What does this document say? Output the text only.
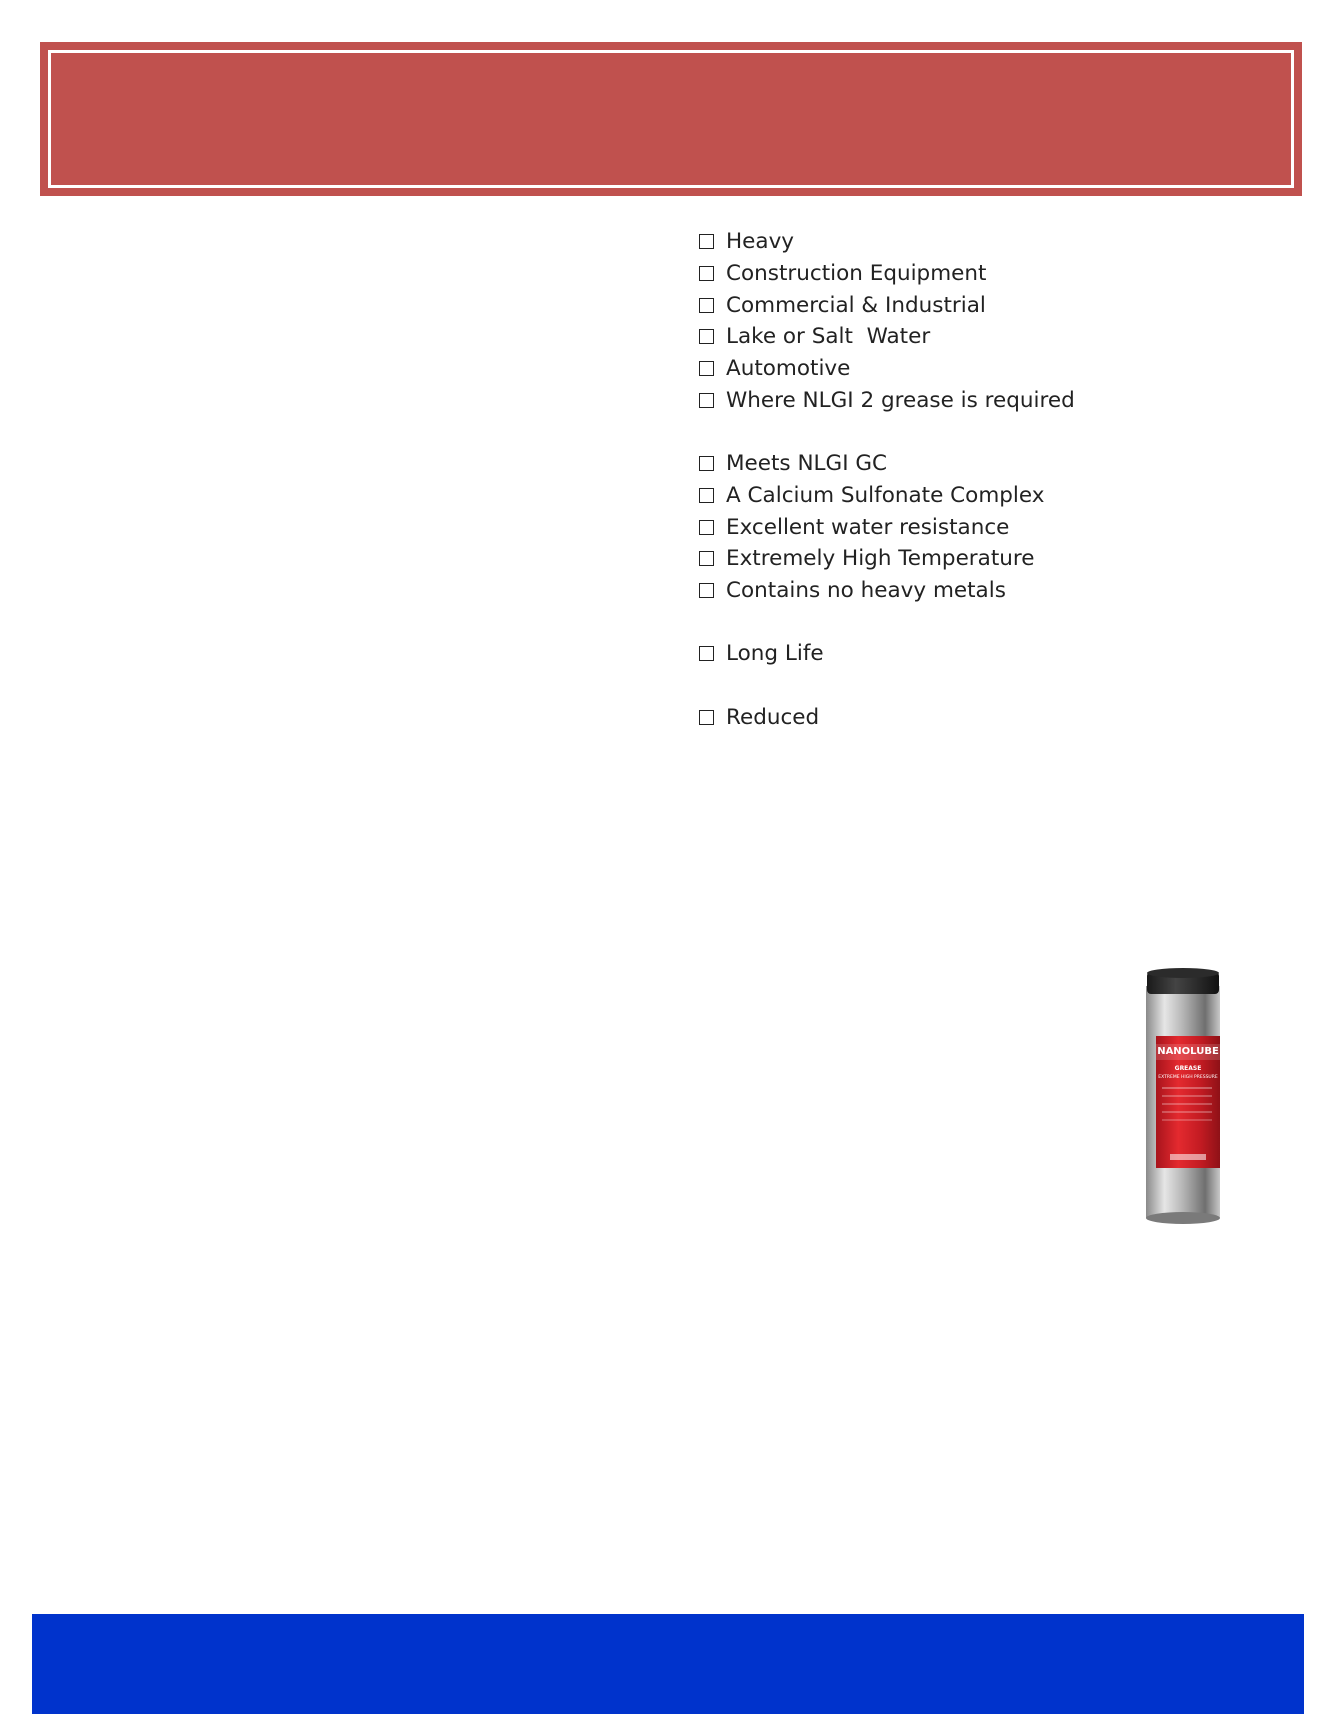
Heavy
Construction Equipment
Commercial & Industrial
Lake or Salt  Water
Automotive
Where NLGI 2 grease is required
Meets NLGI GC
A Calcium Sulfonate Complex
Excellent water resistance
Extremely High Temperature
Contains no heavy metals
Long Life
Reduced
NANOLUBE
GREASE
EXTREME HIGH PRESSURE
